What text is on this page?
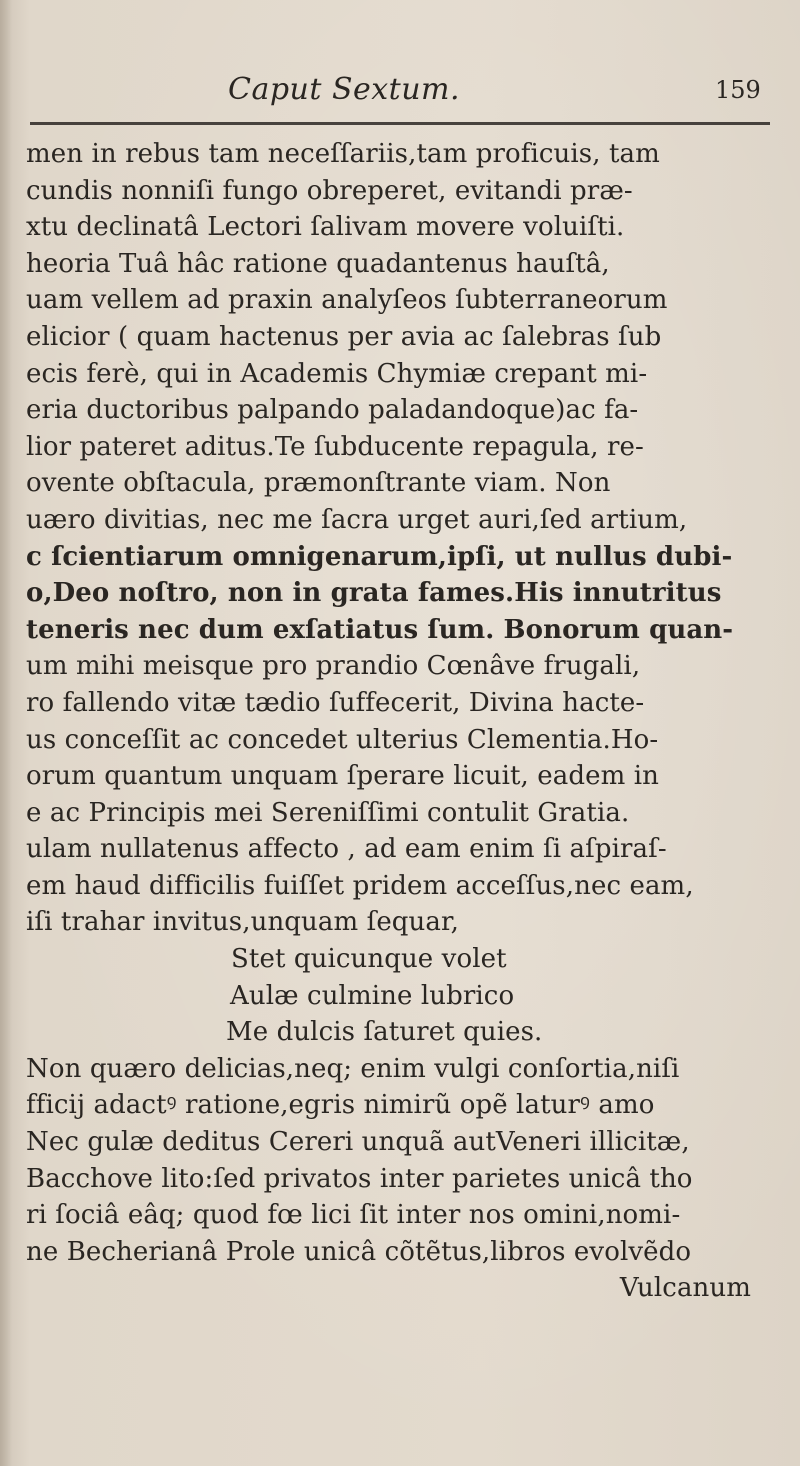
Caput Sextum.	159
men in rebus tam neceſſariis,tam proficuis, tam
cundis nonniſi fungo obreperet, evitandi præ-
xtu declinatâ Lectori ſalivam movere voluiſti.
heoria Tuâ hâc ratione quadantenus hauſtâ,
uam vellem ad praxin analyſeos ſubterraneorum
elicior ( quam hactenus per avia ac ſalebras ſub
ecis ferè, qui in Academis Chymiæ crepant mi-
eria ductoribus palpando paladandoque)ac fa-
lior pateret aditus.Te ſubducente repagula, re-
ovente obſtacula, præmonſtrante viam. Non
uæro divitias, nec me ſacra urget auri,ſed artium,
c ſcientiarum omnigenarum,ipſi, ut nullus dubi-
o,Deo noſtro, non in grata fames.His innutritus
teneris nec dum exſatiatus ſum. Bonorum quan-
um mihi meisque pro prandio Cœnâve frugali,
ro fallendo vitæ tædio ſuffecerit, Divina hacte-
us conceſſit ac concedet ulterius Clementia.Ho-
orum quantum unquam ſperare licuit, eadem in
e ac Principis mei Sereniſſimi contulit Gratia.
ulam nullatenus affecto , ad eam enim ſi aſpiraſ-
em haud difficilis fuiſſet pridem acceſſus,nec eam,
iſi trahar invitus,unquam ſequar,
Stet quicunque volet
Aulæ culmine lubrico
Me dulcis ſaturet quies.
Non quæro delicias,neq; enim vulgi conſortia,niſi
fficij adactꝰ ratione,egris nimirũ opẽ laturꝰ amo
Nec gulæ deditus Cereri unquã autVeneri illicitæ,
Bacchove lito:ſed privatos inter parietes unicâ tho
ri ſociâ eâq; quod fœ lici ſit inter nos omini,nomi-
ne Becherianâ Prole unicâ cõtẽtus,libros evolvẽdo
Vulcanum
